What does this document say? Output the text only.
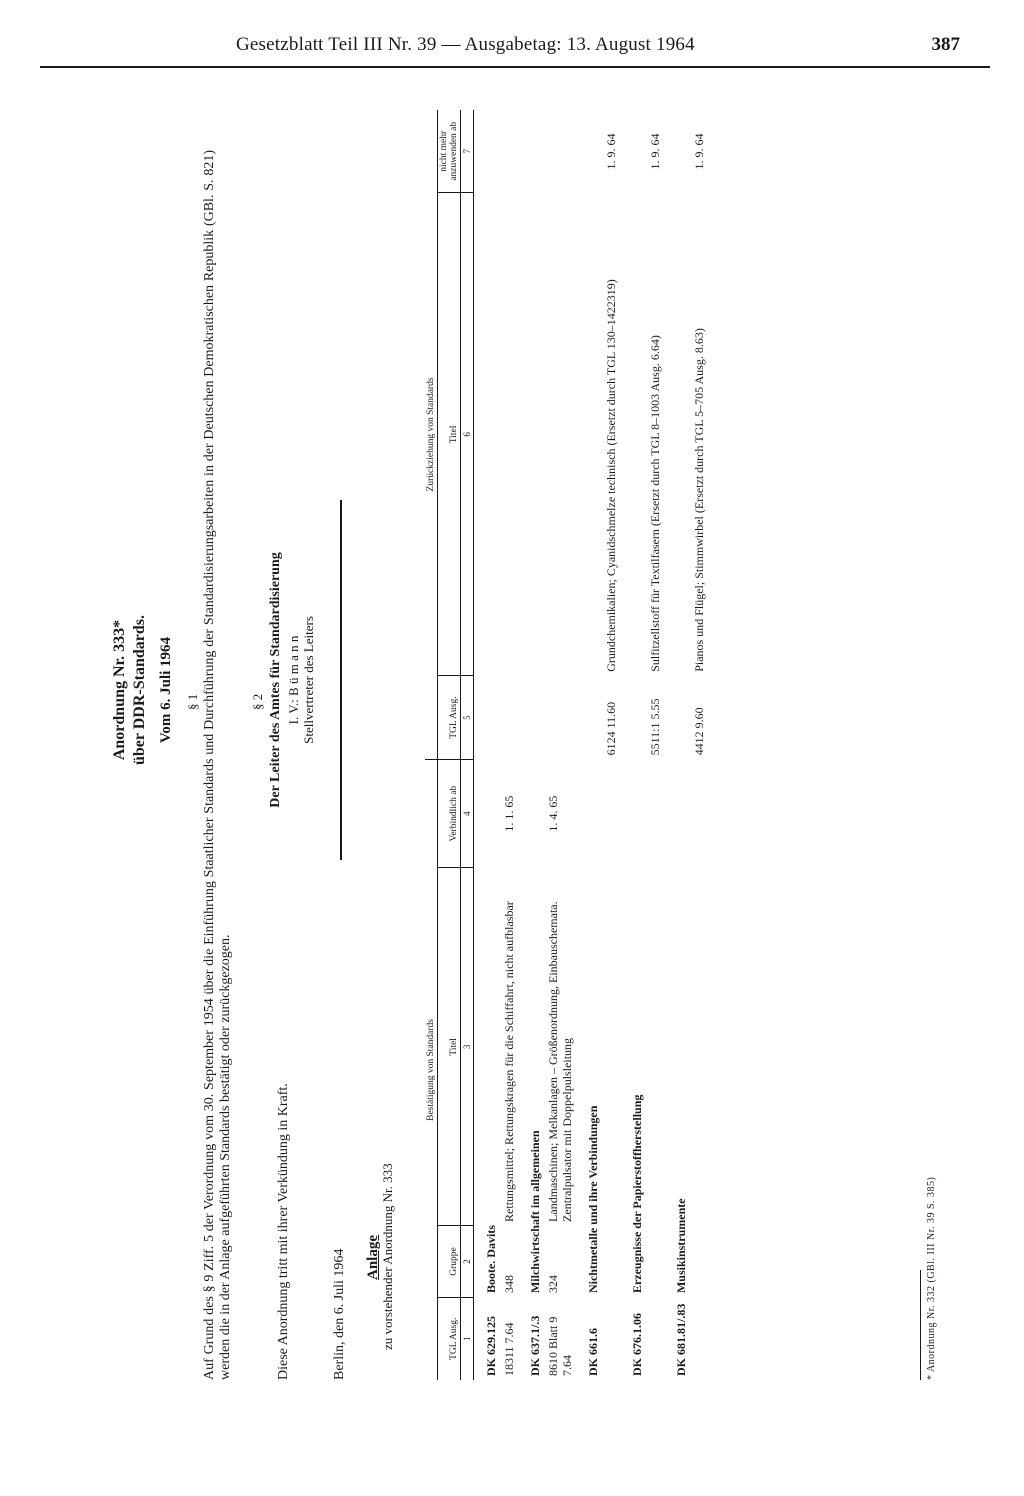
Gesetzblatt Teil III Nr. 39 — Ausgabetag: 13. August 1964	387
Anordnung Nr. 333* über DDR-Standards. Vom 6. Juli 1964 § 1 Auf Grund des § 9 Ziff. 5 der Verordnung vom 30. September 1954 über die Einführung Staatlicher Standards und Durchführung der Standardisierungsarbeiten in der Deutschen Demokratischen Republik (GBl. S. 821) werden die in der Anlage aufgeführten Standards bestätigt oder zurückgezogen.
§ 2
Diese Anordnung tritt mit ihrer Verkündung in Kraft.	Berlin, den 6. Juli 1964
Der Leiter des Amtes für Standardisierung I. V.: B ü m a n n Stellvertreter des Leiters
Anlage zu vorstehender Anordnung Nr. 333
Bestätigung von Standards				Zurückziehung von Standards		
TGL Ausg.	Gruppe	Titel	Verbindlich ab	TGL Ausg.	Titel	nicht mehr anzuwenden ab
1	2	3	4	5	6	7
DK 629.125	Boote. Davits					
18311 7.64	348	Rettungsmittel; Rettungskragen für die Schiffahrt, nicht aufblasbar	1. 1. 65			
DK 637.1/.3	Milchwirtschaft im allgemeinen					
8610 Blatt 9 7.64	324	Landmaschinen; Melkanlagen – Größenordnung, Einbauschemata. Zentralpulsator mit Doppelpulsleitung	1. 4. 65			
DK 661.6	Nichtmetalle und ihre Verbindungen					
				6124 11.60	Grundchemikalien; Cyanidschmelze technisch (Ersetzt durch TGL 130–1422319)	1. 9. 64
DK 676.1.06	Erzeugnisse der Papierstoffherstellung					
				5511:1 5.55	Sulfitzellstoff für Textilfasern (Ersetzt durch TGL 8–1003 Ausg. 6.64)	1. 9. 64
DK 681.81/.83	Musikinstrumente					
				4412 9.60	Pianos und Flügel; Stimmwirbel (Ersetzt durch TGL 5–705 Ausg. 8.63)	1. 9. 64
* Anordnung Nr. 332 (GBl. III Nr. 39 S. 385)
